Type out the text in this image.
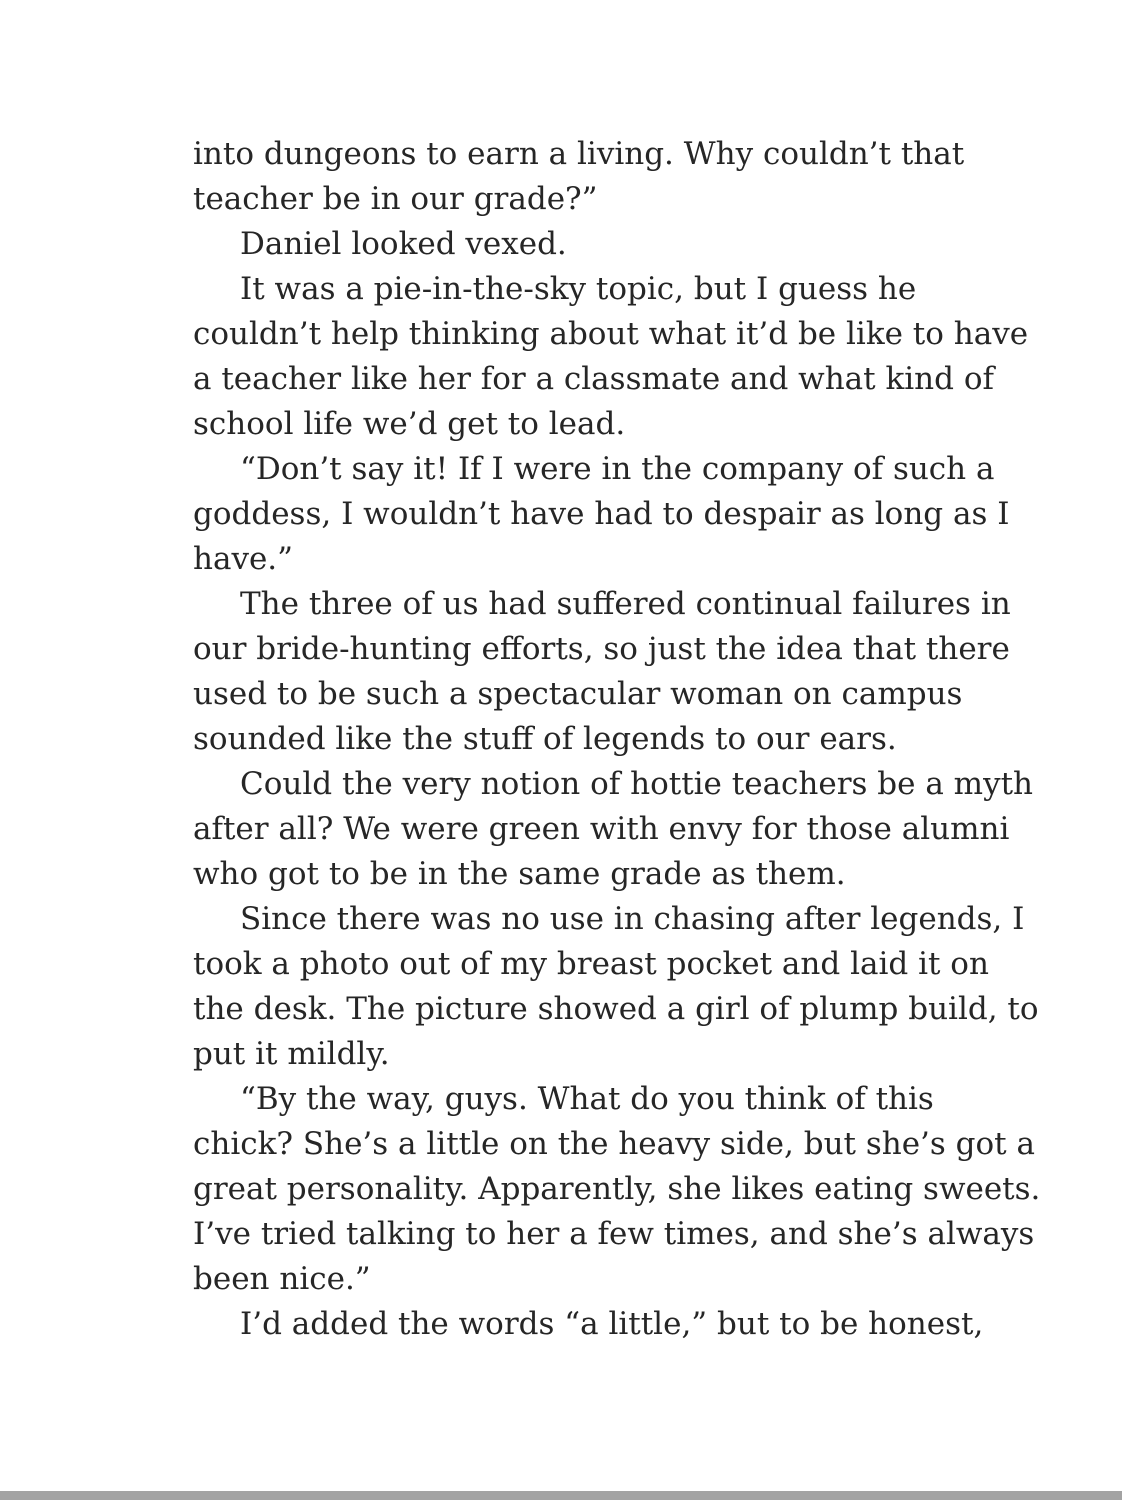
into dungeons to earn a living. Why couldn’t that
teacher be in our grade?”
Daniel looked vexed.
It was a pie-in-the-sky topic, but I guess he
couldn’t help thinking about what it’d be like to have
a teacher like her for a classmate and what kind of
school life we’d get to lead.
“Don’t say it! If I were in the company of such a
goddess, I wouldn’t have had to despair as long as I
have.”
The three of us had suffered continual failures in
our bride-hunting efforts, so just the idea that there
used to be such a spectacular woman on campus
sounded like the stuff of legends to our ears.
Could the very notion of hottie teachers be a myth
after all? We were green with envy for those alumni
who got to be in the same grade as them.
Since there was no use in chasing after legends, I
took a photo out of my breast pocket and laid it on
the desk. The picture showed a girl of plump build, to
put it mildly.
“By the way, guys. What do you think of this
chick? She’s a little on the heavy side, but she’s got a
great personality. Apparently, she likes eating sweets.
I’ve tried talking to her a few times, and she’s always
been nice.”
I’d added the words “a little,” but to be honest,
